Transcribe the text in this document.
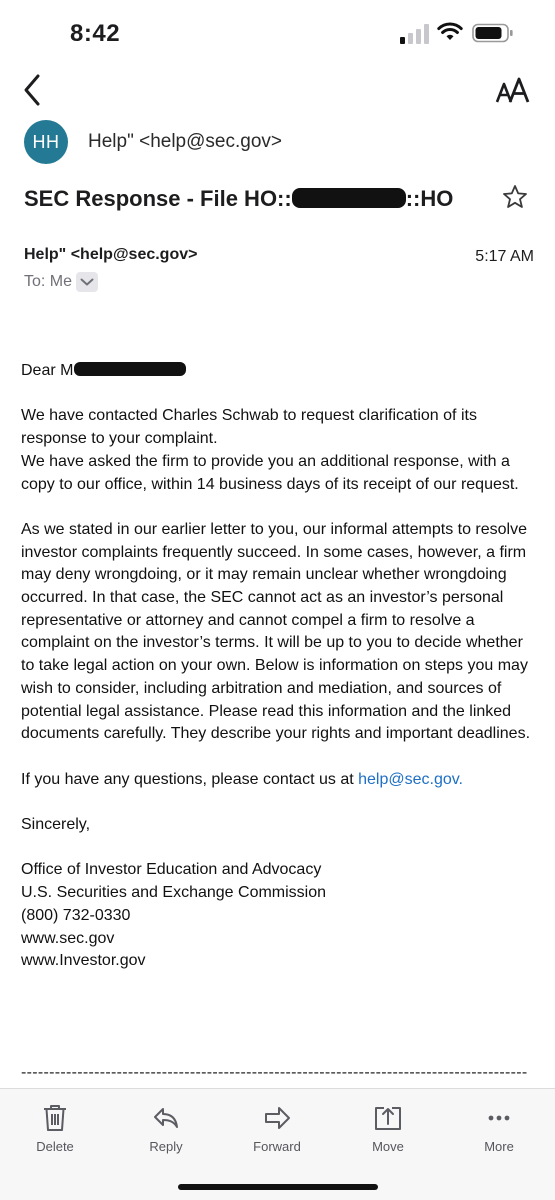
8:42
HH	Help" <help@sec.gov>
SEC Response - File HO::	::HO
Help" <help@sec.gov>
To: Me
5:17 AM

Dear M

We have contacted Charles Schwab to request clarification of its response to your complaint.

We have asked the firm to provide you an additional response, with a copy to our office, within 14 business days of its receipt of our request.

As we stated in our earlier letter to you, our informal attempts to resolve investor complaints frequently succeed. In some cases, however, a firm may deny wrongdoing, or it may remain unclear whether wrongdoing occurred. In that case, the SEC cannot act as an investor’s personal representative or attorney and cannot compel a firm to resolve a complaint on the investor’s terms. It will be up to you to decide whether to take legal action on your own. Below is information on steps you may wish to consider, including arbitration and mediation, and sources of potential legal assistance. Please read this information and the linked documents carefully. They describe your rights and important deadlines.

If you have any questions, please contact us at help@sec.gov.

Sincerely,

Office of Investor Education and Advocacy

U.S. Securities and Exchange Commission

(800) 732-0330

www.sec.gov

www.Investor.gov

------------------------------------------------------------------------------------------
Delete	Reply	Forward	Move	More
